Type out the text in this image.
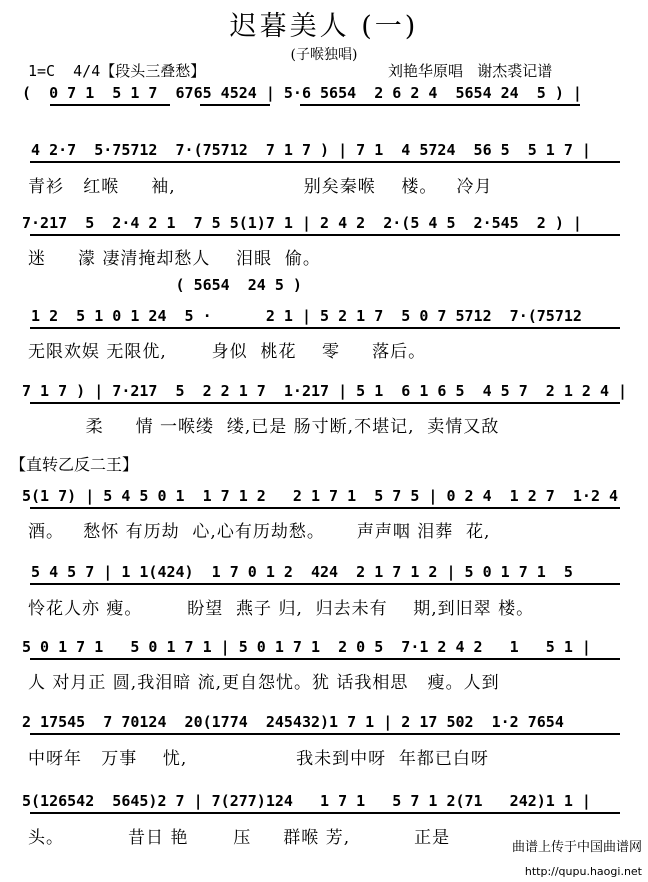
迟暮美人 (一)
(子喉独唱)
1=C  4/4【段头三叠愁】	刘艳华原唱   谢杰裘记谱
(  0 7 1  5 1 7  6765 4524 | 5·6 5654  2 6 2 4  5654 24  5 ) |
4 2·7  5·75712  7·(75712  7 1 7 ) | 7 1  4 5724  56 5  5 1 7 |
青衫   红喉     袖,                    别矣秦喉    楼。   冷月
7·217  5  2·4 2 1  7 5 5(1)7 1 | 2 4 2  2·(5 4 5  2·545  2 ) |
迷     濛 凄清掩却愁人    泪眼  偷。
( 5654  24 5 )
1 2  5 1 0 1 24  5 ·      2 1 | 5 2 1 7  5 0 7 5712  7·(75712
无限欢娱 无限优,       身似  桃花    零     落后。
7 1 7 ) | 7·217  5  2 2 1 7  1·217 | 5 1  6 1 6 5  4 5 7  2 1 2 4 |
柔     情 一喉缕  缕,已是 肠寸断,不堪记,  卖情又敌
【直转乙反二王】
5(1 7) | 5 4 5 0 1  1 7 1 2   2 1 7 1  5 7 5 | 0 2 4  1 2 7  1·2 4
酒。   愁怀 有历劫  心,心有历劫愁。     声声咽 泪葬  花,
5 4 5 7 | 1 1(424)  1 7 0 1 2  424  2 1 7 1 2 | 5 0 1 7 1  5
怜花人亦 瘦。       盼望  燕子 归,  归去未有    期,到旧翠 楼。
5 0 1 7 1   5 0 1 7 1 | 5 0 1 7 1  2 0 5  7·1 2 4 2   1   5 1 |
人 对月正 圆,我泪暗 流,更自怨忧。犹 话我相思   瘦。人到
2 17545  7 70124  20(1774  245432)1 7 1 | 2 17 502  1·2 7654
中呀年   万事    忧,                 我未到中呀  年都已白呀
5(126542  5645)2 7 | 7(277)124   1 7 1   5 7 1 2(71   242)1 1 |
头。          昔日 艳       压     群喉 芳,          正是

	曲谱上传于中国曲谱网

http://qupu.haogi.net
